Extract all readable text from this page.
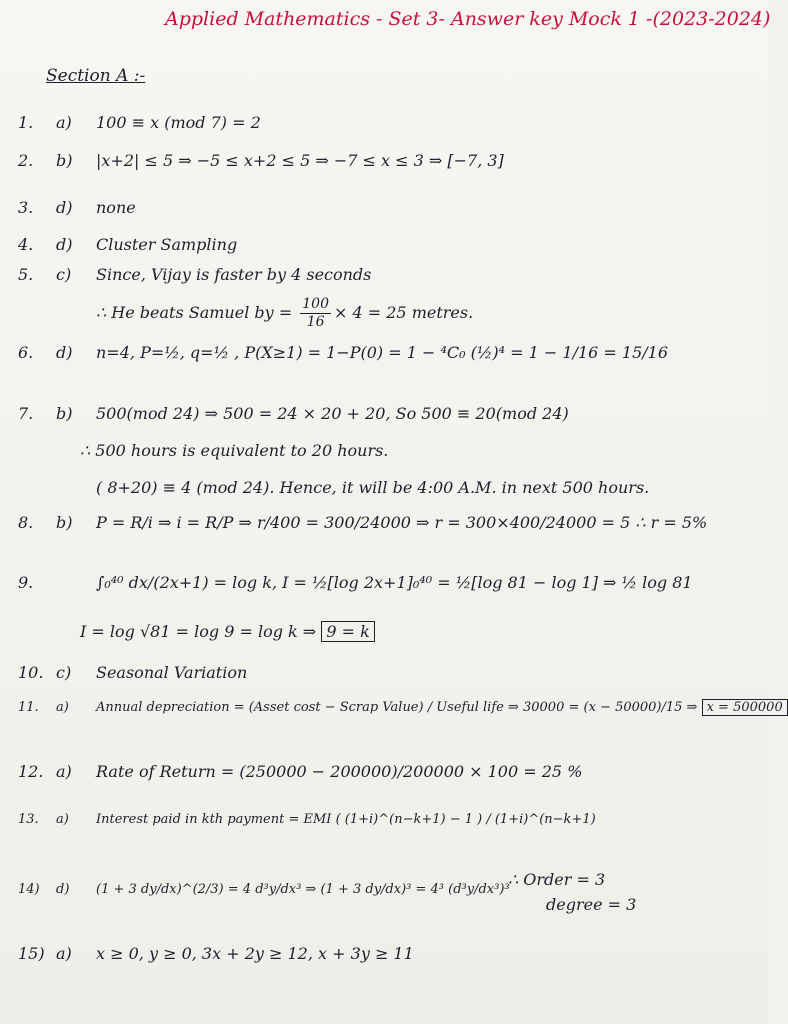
Applied Mathematics - Set 3- Answer key Mock 1 -(2023-2024)
Section A :-
1. a) 100 ≡ x (mod 7) = 2
2. b) |x+2| ≤ 5 ⇒ −5 ≤ x+2 ≤ 5 ⇒ −7 ≤ x ≤ 3 ⇒ [−7, 3]
3. d) none
4. d) Cluster Sampling
5. c) Since, Vijay is faster by 4 seconds
∴ He beats Samuel by = $\frac{100}{16} \times 4 = 25$ metres.
6. d) n=4, P=½, q=½ , P(X≥1) = 1−P(0) = 1 − ⁴C₀ (½)⁴ = 1 − 1/16 = 15/16
7. b) 500(mod 24) ⇒ 500 = 24 × 20 + 20, So 500 ≡ 20(mod 24)
∴ 500 hours is equivalent to 20 hours.
( 8+20) ≡ 4 (mod 24). Hence, it will be 4:00 A.M. in next 500 hours.
8. b) P = R/i ⇒ i = R/P ⇒ r/400 = 300/24000 ⇒ r = 300×400/24000 = 5 ∴ r = 5%
9.	∫₀⁴⁰ dx/(2x+1) = log k, I = ½[log 2x+1]₀⁴⁰ = ½[log 81 − log 1] ⇒ ½ log 81
I = log √81 = log 9 = log k ⇒ 9 = k
10. c) Seasonal Variation
11. a) Annual depreciation = (Asset cost − Scrap Value) / Useful life ⇒ 30000 = (x − 50000)/15 ⇒ x = 500000
12. a) Rate of Return = (250000 − 200000)/200000 × 100 = 25 %
13. a) Interest paid in kth payment = EMI ( (1+i)^(n−k+1) − 1 ) / (1+i)^(n−k+1)
14) d) (1 + 3 dy/dx)^(2/3) = 4 d³y/dx³ ⇒ (1 + 3 dy/dx)³ = 4³ (d³y/dx³)³
∴ Order = 3
degree = 3
15) a) x ≥ 0, y ≥ 0, 3x + 2y ≥ 12, x + 3y ≥ 11
